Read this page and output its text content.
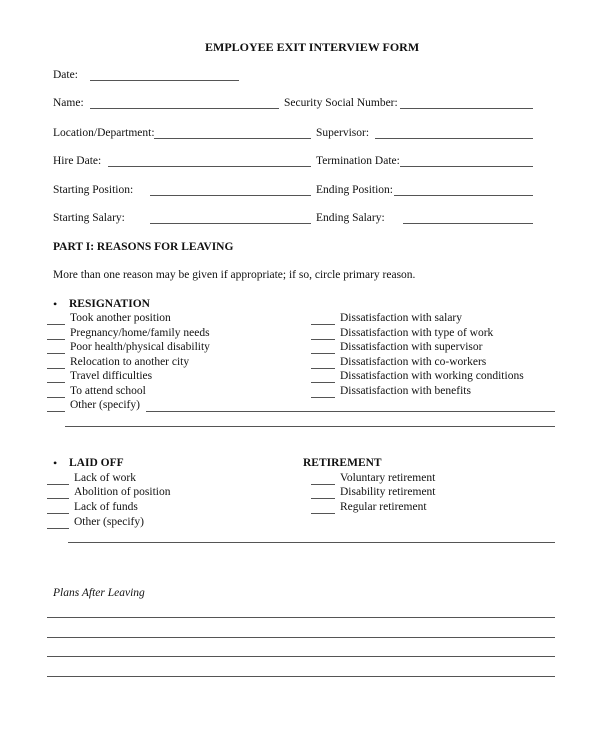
EMPLOYEE EXIT INTERVIEW FORM
Date:
Name:	Security Social Number:
Location/Department:	Supervisor:
Hire Date:	Termination Date:
Starting Position:	Ending Position:
Starting Salary:	Ending Salary:
PART I: REASONS FOR LEAVING
More than one reason may be given if appropriate; if so, circle primary reason.
• RESIGNATION
Took another position
Pregnancy/home/family needs
Poor health/physical disability
Relocation to another city
Travel difficulties
To attend school
Other (specify)
Dissatisfaction with salary
Dissatisfaction with type of work
Dissatisfaction with supervisor
Dissatisfaction with co-workers
Dissatisfaction with working conditions
Dissatisfaction with benefits
• LAID OFF
Lack of work
Abolition of position
Lack of funds
Other (specify)
RETIREMENT
Voluntary retirement
Disability retirement
Regular retirement
Plans After Leaving
